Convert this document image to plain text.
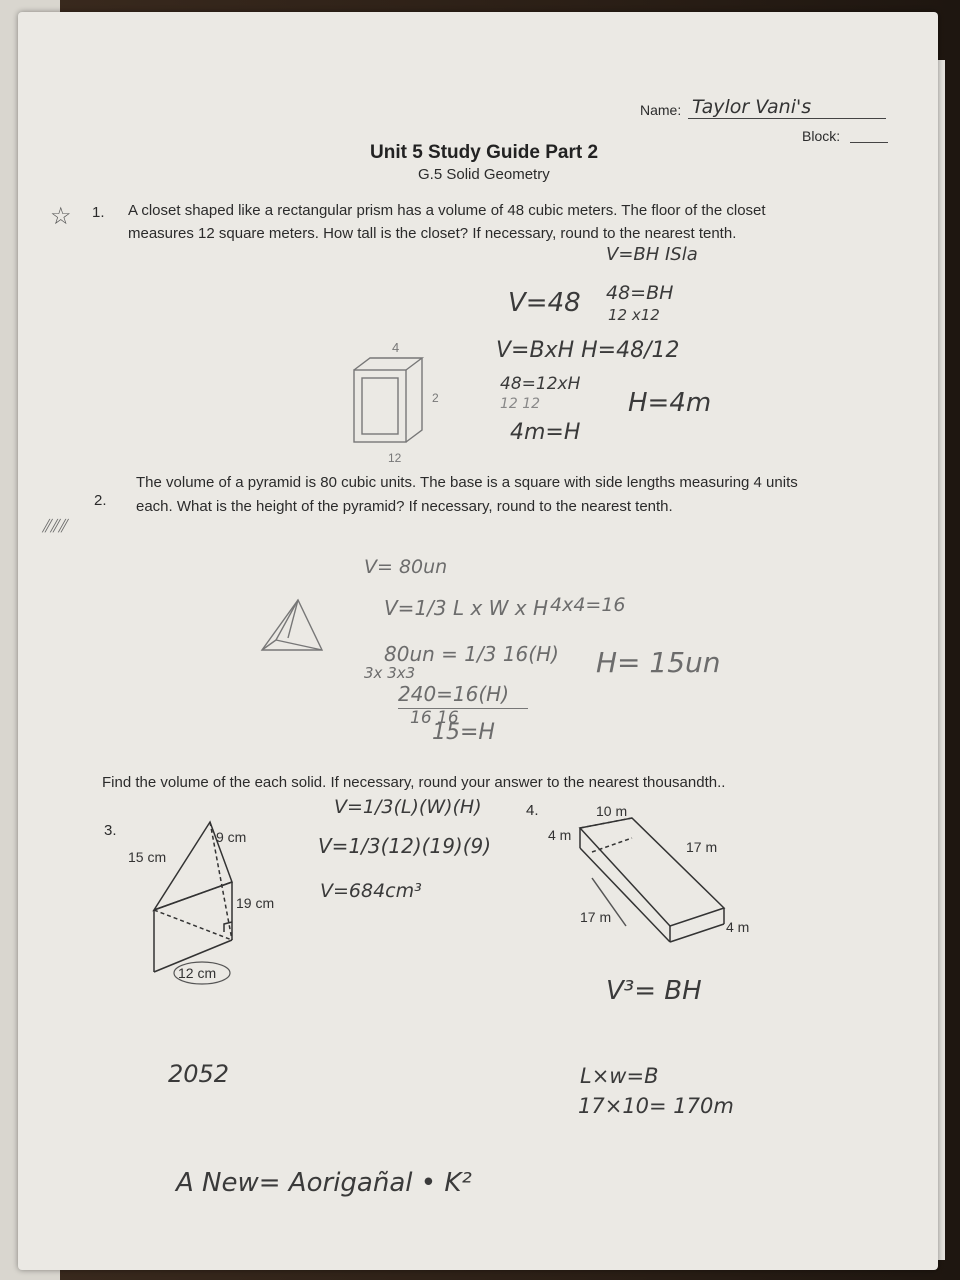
Name: Taylor Vani's
Block:
Unit 5 Study Guide Part 2
G.5 Solid Geometry
☆ 1. A closet shaped like a rectangular prism has a volume of 48 cubic meters. The floor of the closet
measures 12 square meters. How tall is the closet? If necessary, round to the nearest tenth.
V=BH ISla
48=BH
12 x12
V=48
V=BxH H=48/12
48=12xH
12 12
4m=H
H=4m
4
2
12
2.
The volume of a pyramid is 80 cubic units. The base is a square with side lengths measuring 4 units
each. What is the height of the pyramid? If necessary, round to the nearest tenth.
⫽⫽⫽
V= 80un
V=1/3 L x W x H 4x4=16
80un = 1/3 16(H)
3x 3x3
240=16(H)
16 16
15=H
H= 15un
Find the volume of the each solid. If necessary, round your answer to the nearest thousandth..
3.	9 cm
15 cm
19 cm
12 cm
V=1/3(L)(W)(H)
V=1/3(12)(19)(9)
V=684cm³
2052
4.	10 m
4 m
17 m
17 m
4 m
V³= BH
L×w=B
17×10= 170m
A New= Aorigañal • K²
